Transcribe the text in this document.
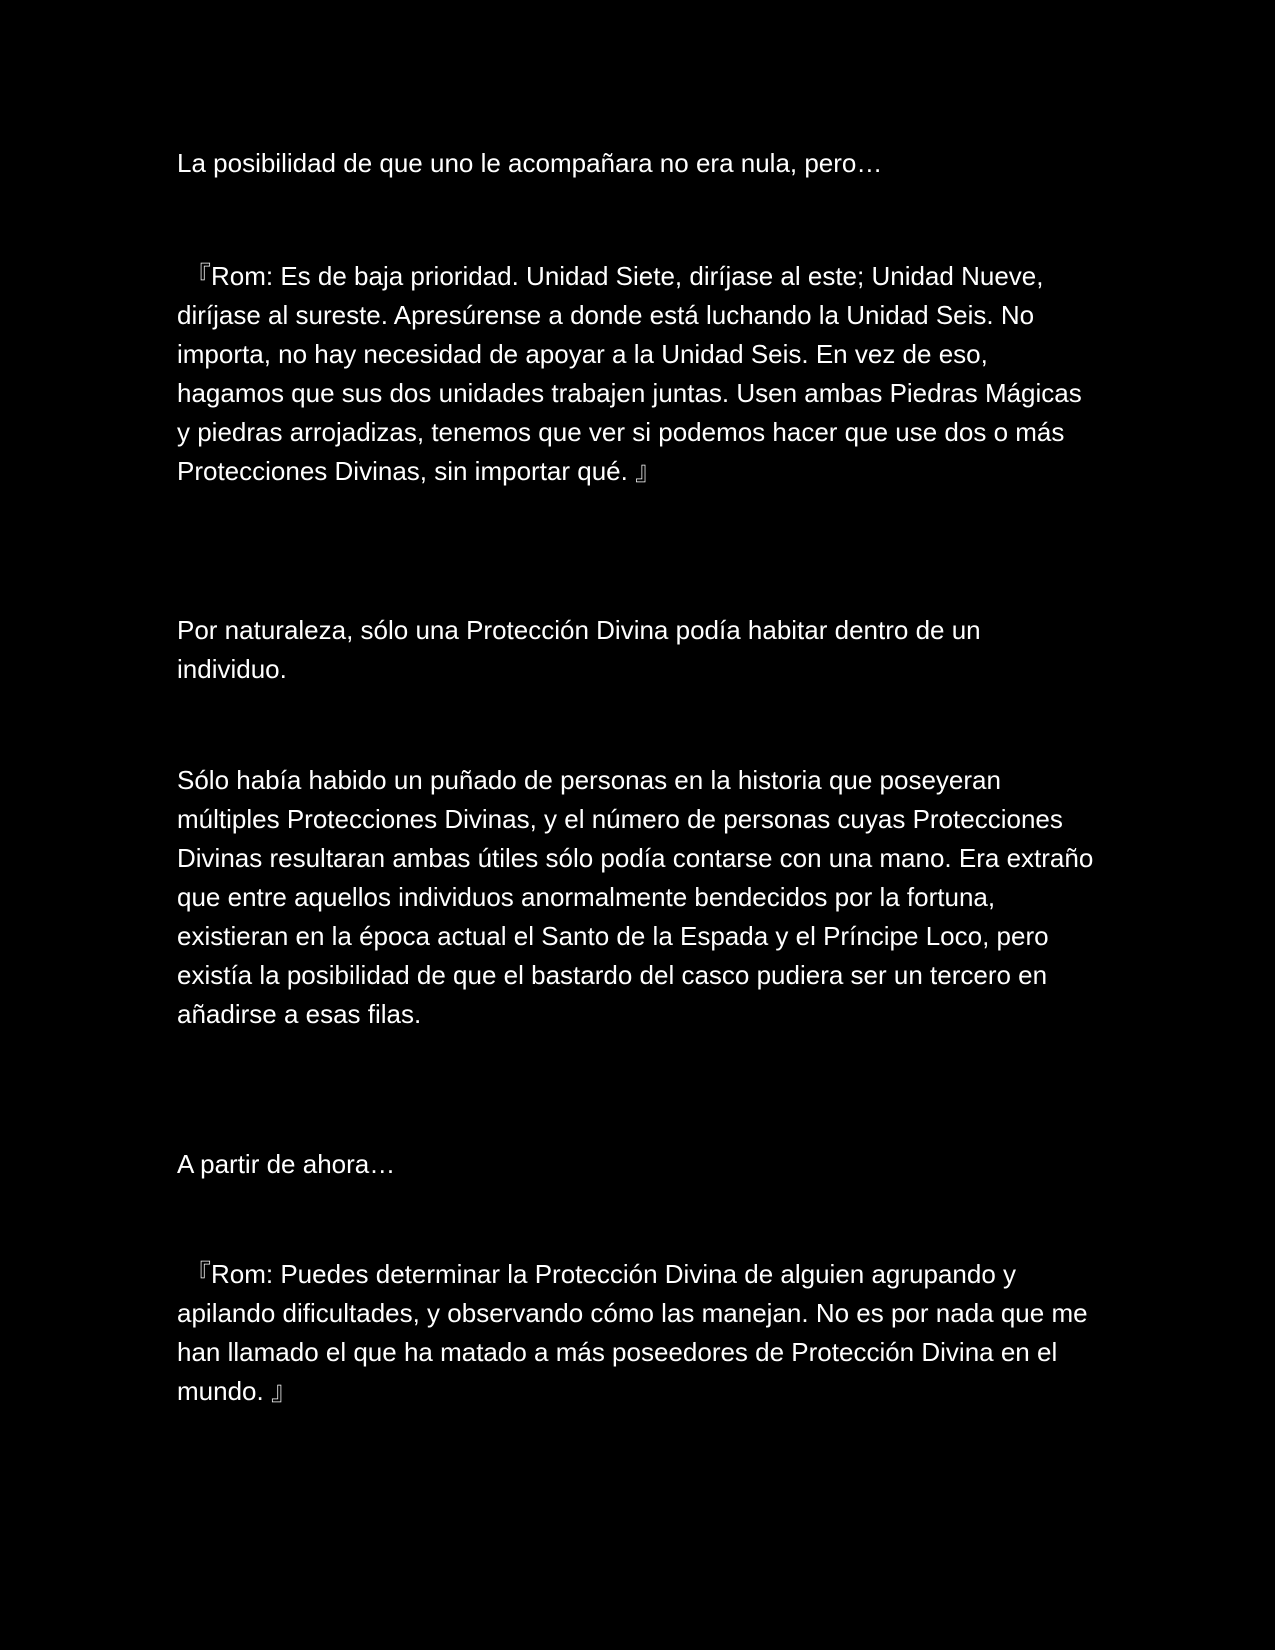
La posibilidad de que uno le acompañara no era nula, pero…

『Rom: Es de baja prioridad. Unidad Siete, diríjase al este; Unidad Nueve, diríjase al sureste. Apresúrense a donde está luchando la Unidad Seis. No importa, no hay necesidad de apoyar a la Unidad Seis. En vez de eso, hagamos que sus dos unidades trabajen juntas. Usen ambas Piedras Mágicas y piedras arrojadizas, tenemos que ver si podemos hacer que use dos o más Protecciones Divinas, sin importar qué. 』

Por naturaleza, sólo una Protección Divina podía habitar dentro de un individuo.

Sólo había habido un puñado de personas en la historia que poseyeran múltiples Protecciones Divinas, y el número de personas cuyas Protecciones Divinas resultaran ambas útiles sólo podía contarse con una mano. Era extraño que entre aquellos individuos anormalmente bendecidos por la fortuna, existieran en la época actual el Santo de la Espada y el Príncipe Loco, pero existía la posibilidad de que el bastardo del casco pudiera ser un tercero en añadirse a esas filas.

A partir de ahora…

『Rom: Puedes determinar la Protección Divina de alguien agrupando y apilando dificultades, y observando cómo las manejan. No es por nada que me han llamado el que ha matado a más poseedores de Protección Divina en el mundo. 』
